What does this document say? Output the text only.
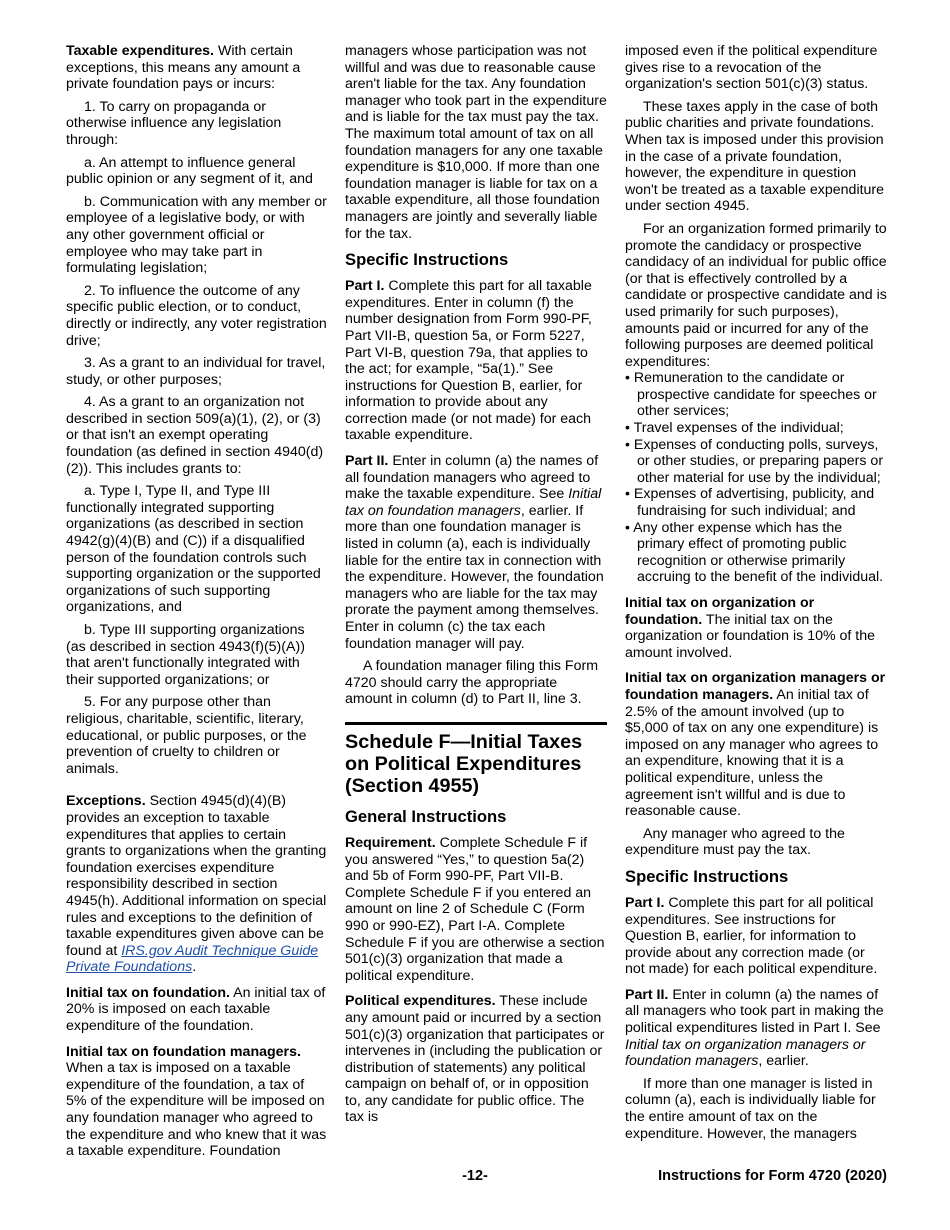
Taxable expenditures. With certain exceptions, this means any amount a private foundation pays or incurs:

1. To carry on propaganda or otherwise influence any legislation through:

a. An attempt to influence general public opinion or any segment of it, and

b. Communication with any member or employee of a legislative body, or with any other government official or employee who may take part in formulating legislation;

2. To influence the outcome of any specific public election, or to conduct, directly or indirectly, any voter registration drive;

3. As a grant to an individual for travel, study, or other purposes;

4. As a grant to an organization not described in section 509(a)(1), (2), or (3) or that isn't an exempt operating foundation (as defined in section 4940(d)(2)). This includes grants to:

a. Type I, Type II, and Type III functionally integrated supporting organizations (as described in section 4942(g)(4)(B) and (C)) if a disqualified person of the foundation controls such supporting organization or the supported organizations of such supporting organizations, and

b. Type III supporting organizations (as described in section 4943(f)(5)(A)) that aren't functionally integrated with their supported organizations; or

5. For any purpose other than religious, charitable, scientific, literary, educational, or public purposes, or the prevention of cruelty to children or animals.

Exceptions. Section 4945(d)(4)(B) provides an exception to taxable expenditures that applies to certain grants to organizations when the granting foundation exercises expenditure responsibility described in section 4945(h). Additional information on special rules and exceptions to the definition of taxable expenditures given above can be found at IRS.gov Audit Technique Guide Private Foundations.

Initial tax on foundation. An initial tax of 20% is imposed on each taxable expenditure of the foundation.

Initial tax on foundation managers. When a tax is imposed on a taxable expenditure of the foundation, a tax of 5% of the expenditure will be imposed on any foundation manager who agreed to the expenditure and who knew that it was a taxable expenditure. Foundation

managers whose participation was not willful and was due to reasonable cause aren't liable for the tax. Any foundation manager who took part in the expenditure and is liable for the tax must pay the tax. The maximum total amount of tax on all foundation managers for any one taxable expenditure is $10,000. If more than one foundation manager is liable for tax on a taxable expenditure, all those foundation managers are jointly and severally liable for the tax.

Specific Instructions

Part I. Complete this part for all taxable expenditures. Enter in column (f) the number designation from Form 990-PF, Part VII-B, question 5a, or Form 5227, Part VI-B, question 79a, that applies to the act; for example, “5a(1).” See instructions for Question B, earlier, for information to provide about any correction made (or not made) for each taxable expenditure.

Part II. Enter in column (a) the names of all foundation managers who agreed to make the taxable expenditure. See Initial tax on foundation managers, earlier. If more than one foundation manager is listed in column (a), each is individually liable for the entire tax in connection with the expenditure. However, the foundation managers who are liable for the tax may prorate the payment among themselves. Enter in column (c) the tax each foundation manager will pay.

A foundation manager filing this Form 4720 should carry the appropriate amount in column (d) to Part II, line 3.

Schedule F—Initial Taxes on Political Expenditures (Section 4955)
General Instructions

Requirement. Complete Schedule F if you answered “Yes,” to question 5a(2) and 5b of Form 990-PF, Part VII-B. Complete Schedule F if you entered an amount on line 2 of Schedule C (Form 990 or 990-EZ), Part I-A. Complete Schedule F if you are otherwise a section 501(c)(3) organization that made a political expenditure.

Political expenditures. These include any amount paid or incurred by a section 501(c)(3) organization that participates or intervenes in (including the publication or distribution of statements) any political campaign on behalf of, or in opposition to, any candidate for public office. The tax is

imposed even if the political expenditure gives rise to a revocation of the organization's section 501(c)(3) status.

These taxes apply in the case of both public charities and private foundations. When tax is imposed under this provision in the case of a private foundation, however, the expenditure in question won't be treated as a taxable expenditure under section 4945.

For an organization formed primarily to promote the candidacy or prospective candidacy of an individual for public office (or that is effectively controlled by a candidate or prospective candidate and is used primarily for such purposes), amounts paid or incurred for any of the following purposes are deemed political expenditures:

• Remuneration to the candidate or prospective candidate for speeches or other services;

• Travel expenses of the individual;

• Expenses of conducting polls, surveys, or other studies, or preparing papers or other material for use by the individual;

• Expenses of advertising, publicity, and fundraising for such individual; and

• Any other expense which has the primary effect of promoting public recognition or otherwise primarily accruing to the benefit of the individual.

Initial tax on organization or foundation. The initial tax on the organization or foundation is 10% of the amount involved.

Initial tax on organization managers or foundation managers. An initial tax of 2.5% of the amount involved (up to $5,000 of tax on any one expenditure) is imposed on any manager who agrees to an expenditure, knowing that it is a political expenditure, unless the agreement isn't willful and is due to reasonable cause.

Any manager who agreed to the expenditure must pay the tax.

Specific Instructions

Part I. Complete this part for all political expenditures. See instructions for Question B, earlier, for information to provide about any correction made (or not made) for each political expenditure.

Part II. Enter in column (a) the names of all managers who took part in making the political expenditures listed in Part I. See Initial tax on organization managers or foundation managers, earlier.

If more than one manager is listed in column (a), each is individually liable for the entire amount of tax on the expenditure. However, the managers

-12-	Instructions for Form 4720 (2020)
